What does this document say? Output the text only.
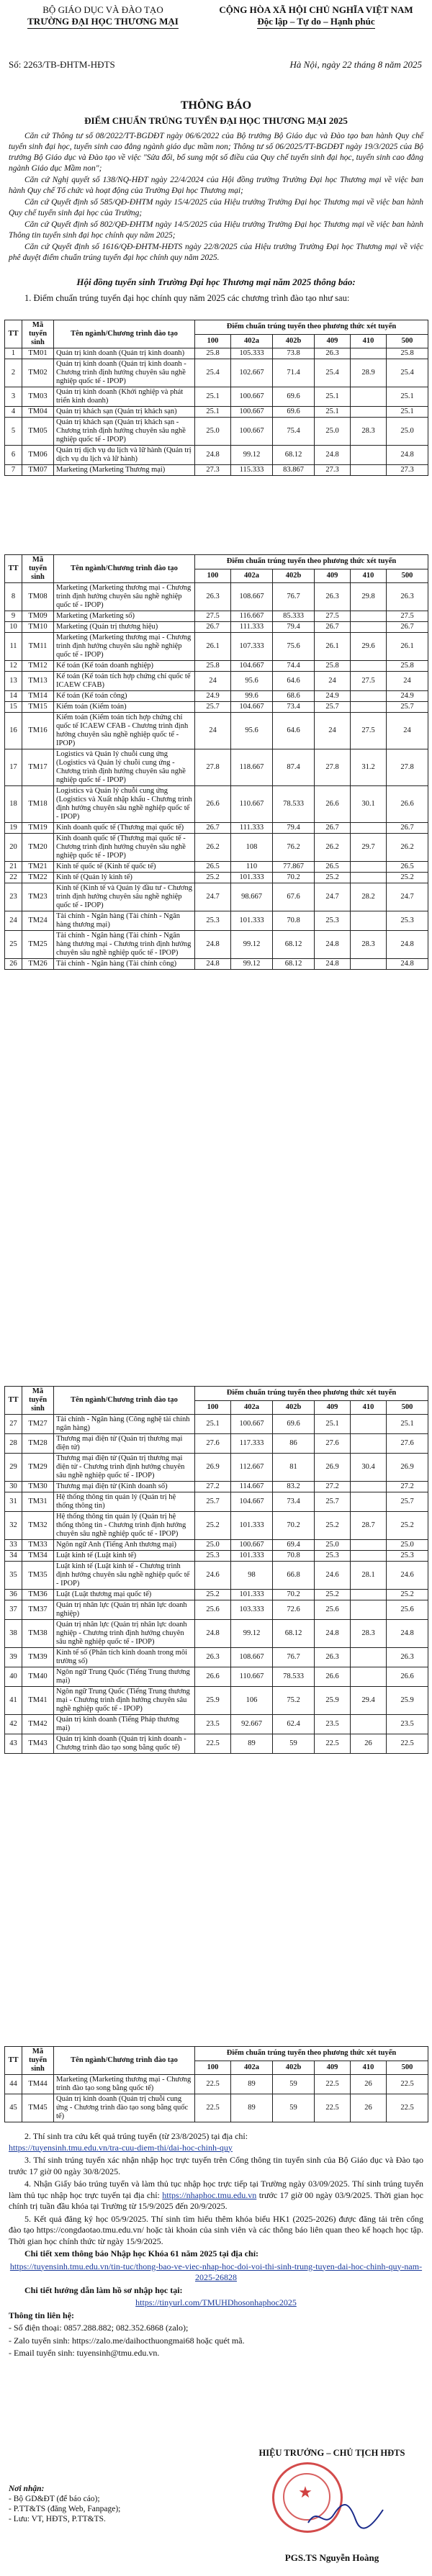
BỘ GIÁO DỤC VÀ ĐÀO TẠO
TRƯỜNG ĐẠI HỌC THƯƠNG MẠI
CỘNG HÒA XÃ HỘI CHỦ NGHĨA VIỆT NAM
Độc lập – Tự do – Hạnh phúc
Số: 2263/TB-ĐHTM-HĐTS	Hà Nội, ngày 22 tháng 8 năm 2025
THÔNG BÁO
ĐIỂM CHUẨN TRÚNG TUYỂN ĐẠI HỌC THƯƠNG MẠI 2025

Căn cứ Thông tư số 08/2022/TT-BGDĐT ngày 06/6/2022 của Bộ trưởng Bộ Giáo dục và Đào tạo ban hành Quy chế tuyển sinh đại học, tuyển sinh cao đẳng ngành giáo dục mầm non; Thông tư số 06/2025/TT-BGDĐT ngày 19/3/2025 của Bộ trưởng Bộ Giáo dục và Đào tạo về việc "Sửa đổi, bổ sung một số điều của Quy chế tuyển sinh đại học, tuyển sinh cao đẳng ngành Giáo dục Mầm non";

Căn cứ Nghị quyết số 138/NQ-HĐT ngày 22/4/2024 của Hội đồng trường Trường Đại học Thương mại về việc ban hành Quy chế Tổ chức và hoạt động của Trường Đại học Thương mại;

Căn cứ Quyết định số 585/QĐ-ĐHTM ngày 15/4/2025 của Hiệu trưởng Trường Đại học Thương mại về việc ban hành Quy chế tuyển sinh đại học của Trường;

Căn cứ Quyết định số 802/QĐ-ĐHTM ngày 14/5/2025 của Hiệu trưởng Trường Đại học Thương mại về việc ban hành Thông tin tuyển sinh đại học chính quy năm 2025;

Căn cứ Quyết định số 1616/QĐ-ĐHTM-HĐTS ngày 22/8/2025 của Hiệu trưởng Trường Đại học Thương mại về việc phê duyệt điểm chuẩn trúng tuyển đại học chính quy năm 2025.

Hội đồng tuyển sinh Trường Đại học Thương mại năm 2025 thông báo:
1. Điểm chuẩn trúng tuyển đại học chính quy năm 2025 các chương trình đào tạo như sau:
TT	Mã tuyển sinh	Tên ngành/Chương trình đào tạo	Điểm chuẩn trúng tuyển theo phương thức xét tuyển					
			100	402a	402b	409	410	500
1	TM01	Quản trị kinh doanh (Quản trị kinh doanh)	25.8	105.333	73.8	26.3		25.8
2	TM02	Quản trị kinh doanh (Quản trị kinh doanh - Chương trình định hướng chuyên sâu nghề nghiệp quốc tế - IPOP)	25.4	102.667	71.4	25.4	28.9	25.4
3	TM03	Quản trị kinh doanh (Khởi nghiệp và phát triển kinh doanh)	25.1	100.667	69.6	25.1		25.1
4	TM04	Quản trị khách sạn (Quản trị khách sạn)	25.1	100.667	69.6	25.1		25.1
5	TM05	Quản trị khách sạn (Quản trị khách sạn - Chương trình định hướng chuyên sâu nghề nghiệp quốc tế - IPOP)	25.0	100.667	75.4	25.0	28.3	25.0
6	TM06	Quản trị dịch vụ du lịch và lữ hành (Quản trị dịch vụ du lịch và lữ hành)	24.8	99.12	68.12	24.8		24.8
7	TM07	Marketing (Marketing Thương mại)	27.3	115.333	83.867	27.3		27.3
TT	Mã tuyển sinh	Tên ngành/Chương trình đào tạo	Điểm chuẩn trúng tuyển theo phương thức xét tuyển					
			100	402a	402b	409	410	500
8	TM08	Marketing (Marketing thương mại - Chương trình định hướng chuyên sâu nghề nghiệp quốc tế - IPOP)	26.3	108.667	76.7	26.3	29.8	26.3
9	TM09	Marketing (Marketing số)	27.5	116.667	85.333	27.5		27.5
10	TM10	Marketing (Quản trị thương hiệu)	26.7	111.333	79.4	26.7		26.7
11	TM11	Marketing (Marketing thương mại - Chương trình định hướng chuyên sâu nghề nghiệp quốc tế - IPOP)	26.1	107.333	75.6	26.1	29.6	26.1
12	TM12	Kế toán (Kế toán doanh nghiệp)	25.8	104.667	74.4	25.8		25.8
13	TM13	Kế toán (Kế toán tích hợp chứng chỉ quốc tế ICAEW CFAB)	24	95.6	64.6	24	27.5	24
14	TM14	Kế toán (Kế toán công)	24.9	99.6	68.6	24.9		24.9
15	TM15	Kiểm toán (Kiểm toán)	25.7	104.667	73.4	25.7		25.7
16	TM16	Kiểm toán (Kiểm toán tích hợp chứng chỉ quốc tế ICAEW CFAB - Chương trình định hướng chuyên sâu nghề nghiệp quốc tế - IPOP)	24	95.6	64.6	24	27.5	24
17	TM17	Logistics và Quản lý chuỗi cung ứng (Logistics và Quản lý chuỗi cung ứng - Chương trình định hướng chuyên sâu nghề nghiệp quốc tế - IPOP)	27.8	118.667	87.4	27.8	31.2	27.8
18	TM18	Logistics và Quản lý chuỗi cung ứng (Logistics và Xuất nhập khẩu - Chương trình định hướng chuyên sâu nghề nghiệp quốc tế - IPOP)	26.6	110.667	78.533	26.6	30.1	26.6
19	TM19	Kinh doanh quốc tế (Thương mại quốc tế)	26.7	111.333	79.4	26.7		26.7
20	TM20	Kinh doanh quốc tế (Thương mại quốc tế - Chương trình định hướng chuyên sâu nghề nghiệp quốc tế - IPOP)	26.2	108	76.2	26.2	29.7	26.2
21	TM21	Kinh tế quốc tế (Kinh tế quốc tế)	26.5	110	77.867	26.5		26.5
22	TM22	Kinh tế (Quản lý kinh tế)	25.2	101.333	70.2	25.2		25.2
23	TM23	Kinh tế (Kinh tế và Quản lý đầu tư - Chương trình định hướng chuyên sâu nghề nghiệp quốc tế - IPOP)	24.7	98.667	67.6	24.7	28.2	24.7
24	TM24	Tài chính - Ngân hàng (Tài chính - Ngân hàng thương mại)	25.3	101.333	70.8	25.3		25.3
25	TM25	Tài chính - Ngân hàng (Tài chính - Ngân hàng thương mại - Chương trình định hướng chuyên sâu nghề nghiệp quốc tế - IPOP)	24.8	99.12	68.12	24.8	28.3	24.8
26	TM26	Tài chính - Ngân hàng (Tài chính công)	24.8	99.12	68.12	24.8		24.8
TT	Mã tuyển sinh	Tên ngành/Chương trình đào tạo	Điểm chuẩn trúng tuyển theo phương thức xét tuyển					
			100	402a	402b	409	410	500
27	TM27	Tài chính - Ngân hàng (Công nghệ tài chính ngân hàng)	25.1	100.667	69.6	25.1		25.1
28	TM28	Thương mại điện tử (Quản trị thương mại điện tử)	27.6	117.333	86	27.6		27.6
29	TM29	Thương mại điện tử (Quản trị thương mại điện tử - Chương trình định hướng chuyên sâu nghề nghiệp quốc tế - IPOP)	26.9	112.667	81	26.9	30.4	26.9
30	TM30	Thương mại điện tử (Kinh doanh số)	27.2	114.667	83.2	27.2		27.2
31	TM31	Hệ thống thông tin quản lý (Quản trị hệ thống thông tin)	25.7	104.667	73.4	25.7		25.7
32	TM32	Hệ thống thông tin quản lý (Quản trị hệ thống thông tin - Chương trình định hướng chuyên sâu nghề nghiệp quốc tế - IPOP)	25.2	101.333	70.2	25.2	28.7	25.2
33	TM33	Ngôn ngữ Anh (Tiếng Anh thương mại)	25.0	100.667	69.4	25.0		25.0
34	TM34	Luật kinh tế (Luật kinh tế)	25.3	101.333	70.8	25.3		25.3
35	TM35	Luật kinh tế (Luật kinh tế - Chương trình định hướng chuyên sâu nghề nghiệp quốc tế - IPOP)	24.6	98	66.8	24.6	28.1	24.6
36	TM36	Luật (Luật thương mại quốc tế)	25.2	101.333	70.2	25.2		25.2
37	TM37	Quản trị nhân lực (Quản trị nhân lực doanh nghiệp)	25.6	103.333	72.6	25.6		25.6
38	TM38	Quản trị nhân lực (Quản trị nhân lực doanh nghiệp - Chương trình định hướng chuyên sâu nghề nghiệp quốc tế - IPOP)	24.8	99.12	68.12	24.8	28.3	24.8
39	TM39	Kinh tế số (Phân tích kinh doanh trong môi trường số)	26.3	108.667	76.7	26.3		26.3
40	TM40	Ngôn ngữ Trung Quốc (Tiếng Trung thương mại)	26.6	110.667	78.533	26.6		26.6
41	TM41	Ngôn ngữ Trung Quốc (Tiếng Trung thương mại - Chương trình định hướng chuyên sâu nghề nghiệp quốc tế - IPOP)	25.9	106	75.2	25.9	29.4	25.9
42	TM42	Quản trị kinh doanh (Tiếng Pháp thương mại)	23.5	92.667	62.4	23.5		23.5
43	TM43	Quản trị kinh doanh (Quản trị kinh doanh - Chương trình đào tạo song bằng quốc tế)	22.5	89	59	22.5	26	22.5
TT	Mã tuyển sinh	Tên ngành/Chương trình đào tạo	Điểm chuẩn trúng tuyển theo phương thức xét tuyển					
			100	402a	402b	409	410	500
44	TM44	Marketing (Marketing thương mại - Chương trình đào tạo song bằng quốc tế)	22.5	89	59	22.5	26	22.5
45	TM45	Quản trị kinh doanh (Quản trị chuỗi cung ứng - Chương trình đào tạo song bằng quốc tế)	22.5	89	59	22.5	26	22.5

2. Thí sinh tra cứu kết quả trúng tuyển (từ 23/8/2025) tại địa chỉ:
https://tuyensinh.tmu.edu.vn/tra-cuu-diem-thi/dai-hoc-chinh-quy

3. Thí sinh trúng tuyển xác nhận nhập học trực tuyến trên Cổng thông tin tuyển sinh của Bộ Giáo dục và Đào tạo trước 17 giờ 00 ngày 30/8/2025.

4. Nhận Giấy báo trúng tuyển và làm thủ tục nhập học trực tiếp tại Trường ngày 03/09/2025. Thí sinh trúng tuyển làm thủ tục nhập học trực tuyến tại địa chỉ: https://nhaphoc.tmu.edu.vn trước 17 giờ 00 ngày 03/9/2025. Thời gian học chính trị tuần đầu khóa tại Trường từ 15/9/2025 đến 20/9/2025.

5. Kết quả đăng ký học 05/9/2025. Thí sinh tìm hiểu thêm khóa biểu HK1 (2025-2026) được đăng tải trên cổng đào tạo https://congdaotao.tmu.edu.vn/ hoặc tài khoản của sinh viên và các thông báo liên quan theo kế hoạch học tập. Thời gian học chính thức từ ngày 15/9/2025.

Chi tiết xem thông báo Nhập học Khóa 61 năm 2025 tại địa chỉ:

https://tuyensinh.tmu.edu.vn/tin-tuc/thong-bao-ve-viec-nhap-hoc-doi-voi-thi-sinh-trung-tuyen-dai-hoc-chinh-quy-nam-2025-26828

Chi tiết hướng dẫn làm hồ sơ nhập học tại:

https://tinyurl.com/TMUHDhosonhaphoc2025

Thông tin liên hệ:

- Số điện thoại: 0857.288.882; 082.352.6868 (zalo);

- Zalo tuyển sinh: https://zalo.me/daihocthuongmai68 hoặc quét mã.

- Email tuyển sinh: tuyensinh@tmu.edu.vn.

Nơi nhận:
- Bộ GD&ĐT (để báo cáo);
- P.TT&TS (đăng Web, Fanpage);
- Lưu: VT, HĐTS, P.TT&TS.
HIỆU TRƯỞNG – CHỦ TỊCH HĐTS
★
PGS.TS Nguyễn Hoàng
